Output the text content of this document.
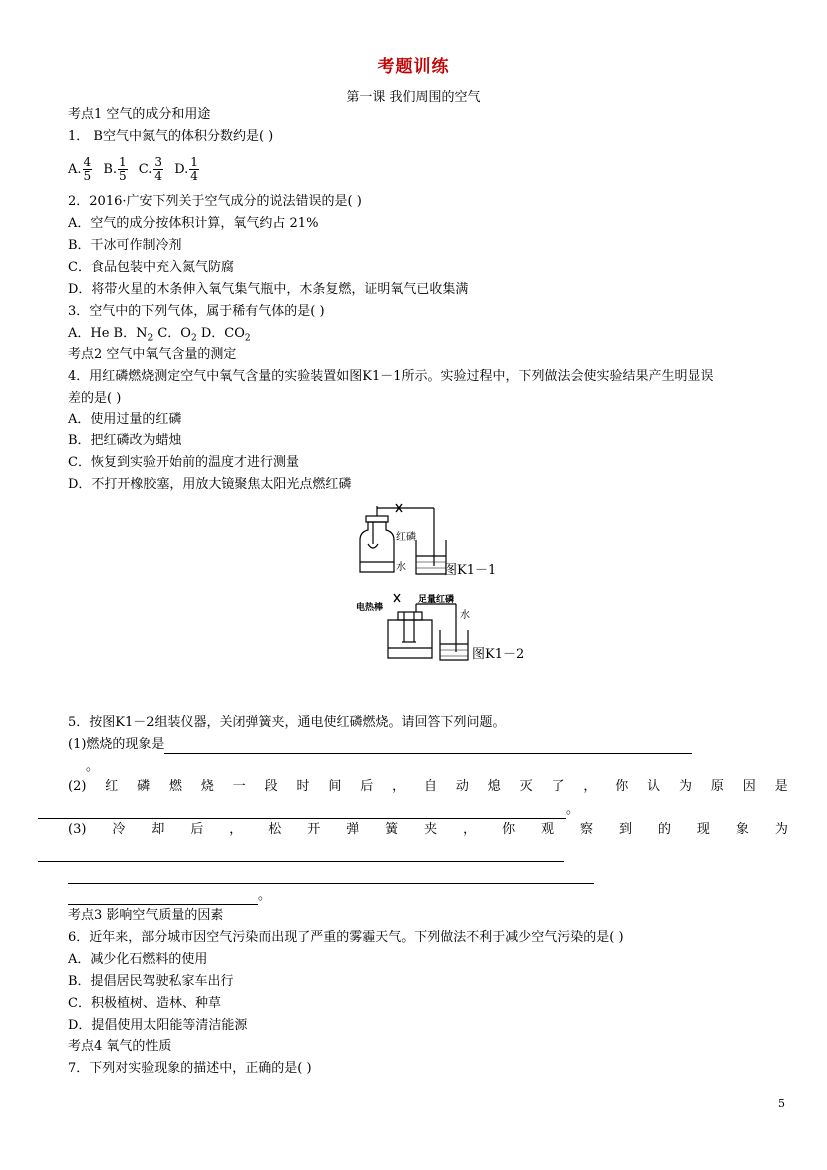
考题训练
第一课 我们周围的空气
考点1 空气的成分和用途
1． B空气中氮气的体积分数约是( )
A. $\frac{4}{5} B$. $\frac{1}{5} C$. $\frac{3}{4} D$. $\frac{1}{4}$
2．2016·广安下列关于空气成分的说法错误的是( )
A．空气的成分按体积计算，氧气约占 21%
B．干冰可作制冷剂
C．食品包装中充入氮气防腐
D．将带火星的木条伸入氧气集气瓶中，木条复燃，证明氧气已收集满
3．空气中的下列气体，属于稀有气体的是( )
A．He B．$N_2$ C．$O_2$ D．$CO_2$
考点2 空气中氧气含量的测定
4．用红磷燃烧测定空气中氧气含量的实验装置如图K1－1所示。实验过程中，下列做法会使实验结果产生明显误
差的是( )
A．使用过量的红磷
B．把红磷改为蜡烛
C．恢复到实验开始前的温度才进行测量
D．不打开橡胶塞，用放大镜聚焦太阳光点燃红磷
红磷
水	图K1－1
电热棒
足量红磷
水
图K1－2
5．按图K1－2组装仪器，关闭弹簧夹，通电使红磷燃烧。请回答下列问题。
(1)燃烧的现象是
。
(2) 红 磷 燃 烧 一 段 时 间 后 ， 自 动 熄 灭 了 ， 你 认 为 原 因 是
。
(3) 冷 却 后 ， 松 开 弹 簧 夹 ， 你 观 察 到 的 现 象 为
。
考点3 影响空气质量的因素
6．近年来，部分城市因空气污染而出现了严重的雾霾天气。下列做法不利于减少空气污染的是( )
A．减少化石燃料的使用
B．提倡居民驾驶私家车出行
C．积极植树、造林、种草
D．提倡使用太阳能等清洁能源
考点4 氧气的性质
7．下列对实验现象的描述中，正确的是( )
5
